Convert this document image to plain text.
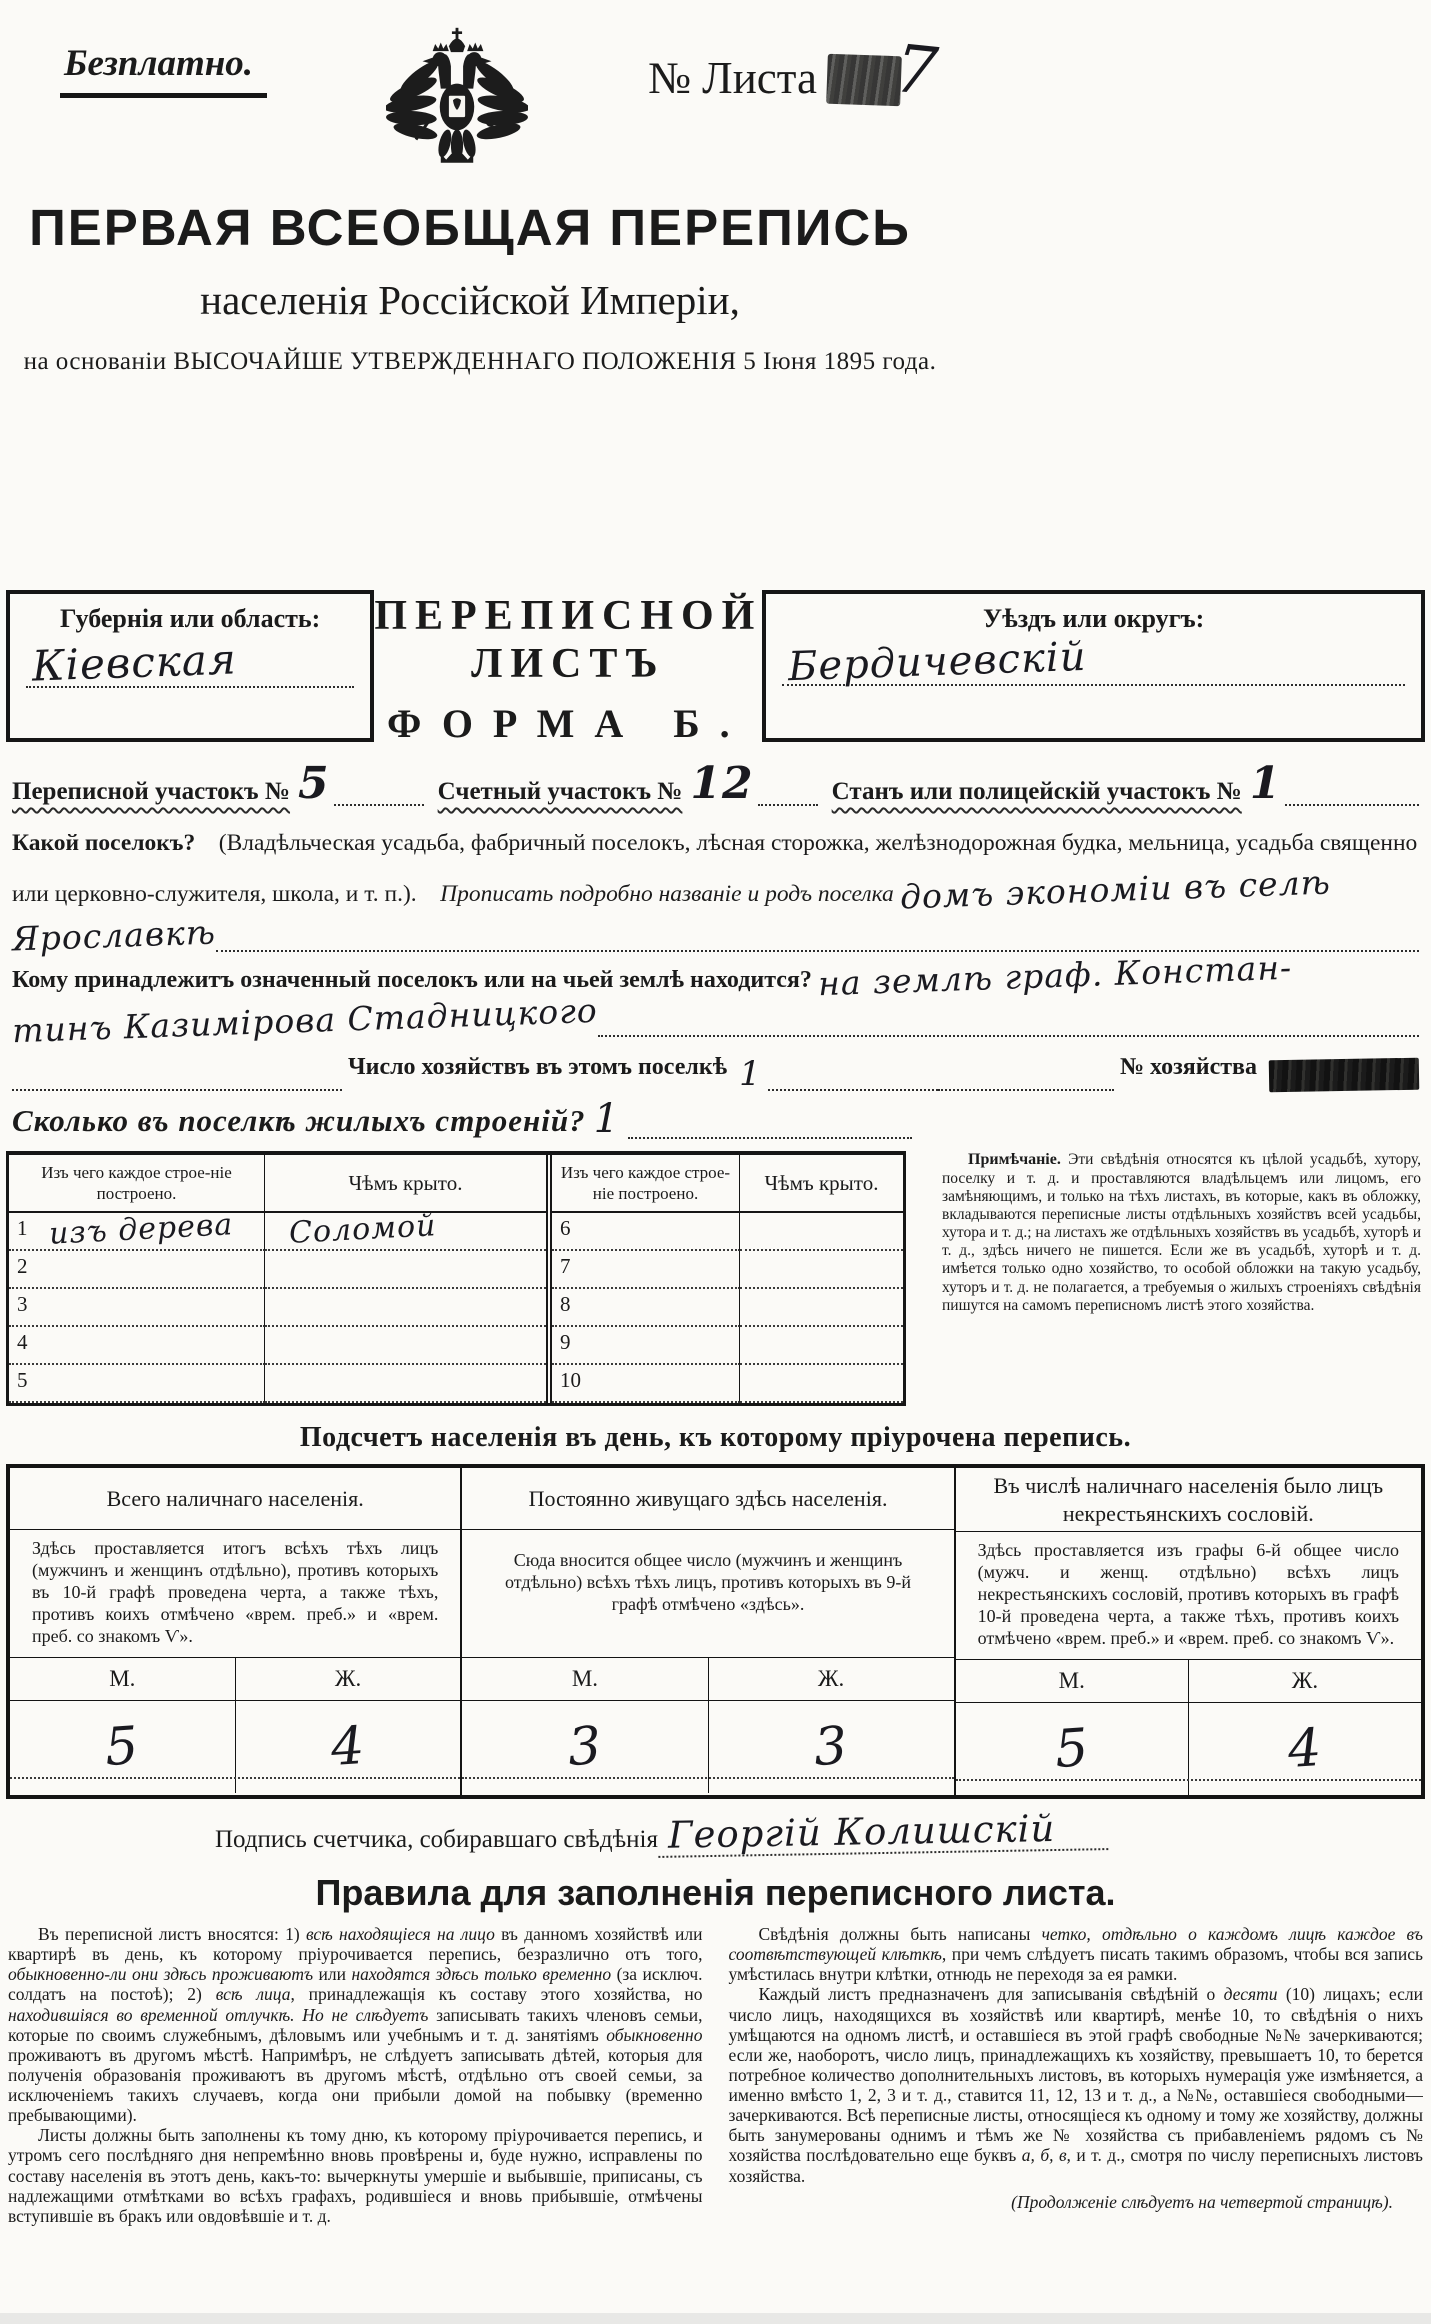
Безплатно.	№ Листа 7
ПЕРВАЯ ВСЕОБЩАЯ ПЕРЕПИСЬ
населенія Россійской Имперіи,
на основаніи ВЫСОЧАЙШЕ УТВЕРЖДЕННАГО ПОЛОЖЕНІЯ 5 Іюня 1895 года.
Губернія или область:
Кіевская
ПЕРЕПИСНОЙ ЛИСТЪ
ФОРМА Б.
Уѣздъ или округъ:
Бердичевскій
Переписной участокъ № 5	Счетный участокъ № 12	Станъ или полицейскій участокъ № 1
Какой поселокъ? (Владѣльческая усадьба, фабричный поселокъ, лѣсная сторожка, желѣзнодорожная будка, мельница, усадьба священно или церковно-служителя, школа, и т. п.). Прописать подробно названіе и родъ поселка домъ экономіи въ селѣ
Ярославкѣ
Кому принадлежитъ означенный поселокъ или на чьей землѣ находится? на землѣ граф. Констан-
тинъ Казимірова Стадницкого
Число хозяйствъ въ этомъ поселкѣ 1	№ хозяйства
Сколько въ поселкѣ жилыхъ строеній? 1
Изъ чего каждое строе-ніе построено.	Чѣмъ крыто.
1 изъ дерева Соломой
2
3
4
5
Изъ чего каждое строе-ніе построено.	Чѣмъ крыто.
6
7
8
9
10
Примѣчаніе. Эти свѣдѣнія относятся къ цѣлой усадьбѣ, хутору, поселку и т. д. и проставляются владѣльцемъ или лицомъ, его замѣняющимъ, и только на тѣхъ листахъ, въ которые, какъ въ обложку, вкладываются переписные листы отдѣльныхъ хозяйствъ всей усадьбы, хутора и т. д.; на листахъ же отдѣльныхъ хозяйствъ въ усадьбѣ, хуторѣ и т. д., здѣсь ничего не пишется. Если же въ усадьбѣ, хуторѣ и т. д. имѣется только одно хозяйство, то особой обложки на такую усадьбу, хуторъ и т. д. не полагается, а требуемыя о жилыхъ строеніяхъ свѣдѣнія пишутся на самомъ переписномъ листѣ этого хозяйства.
Подсчетъ населенія въ день, къ которому пріурочена перепись.
Всего наличнаго населенія.
Здѣсь проставляется итогъ всѣхъ тѣхъ лицъ (мужчинъ и женщинъ отдѣльно), противъ которыхъ въ 10-й графѣ проведена черта, а также тѣхъ, противъ коихъ отмѣчено «врем. преб.» и «врем. преб. со знакомъ Ѵ».
М.	Ж.
5	4
Постоянно живущаго здѣсь населенія.
Сюда вносится общее число (мужчинъ и женщинъ отдѣльно) всѣхъ тѣхъ лицъ, противъ которыхъ въ 9-й графѣ отмѣчено «здѣсь».
М.	Ж.
3	3
Въ числѣ наличнаго населенія было лицъ некрестьянскихъ сословій.
Здѣсь проставляется изъ графы 6-й общее число (мужч. и женщ. отдѣльно) всѣхъ лицъ некрестьянскихъ сословій, противъ которыхъ въ графѣ 10-й проведена черта, а также тѣхъ, противъ коихъ отмѣчено «врем. преб.» и «врем. преб. со знакомъ Ѵ».
М.	Ж.
5	4
Подпись счетчика, собиравшаго свѣдѣнія Георгій Колишскій
Правила для заполненія переписного листа.

Въ переписной листъ вносятся: 1) всѣ находящіеся на лицо въ данномъ хозяйствѣ или квартирѣ въ день, къ которому пріурочивается перепись, безразлично отъ того, обыкновенно-ли они здѣсь проживаютъ или находятся здѣсь только временно (за исключ. солдатъ на постоѣ); 2) всѣ лица, принадлежащія къ составу этого хозяйства, но находившіяся во временной отлучкѣ. Но не слѣдуетъ записывать такихъ членовъ семьи, которые по своимъ служебнымъ, дѣловымъ или учебнымъ и т. д. занятіямъ обыкновенно проживаютъ въ другомъ мѣстѣ. Напримѣръ, не слѣдуетъ записывать дѣтей, которыя для полученія образованія проживаютъ въ другомъ мѣстѣ, отдѣльно отъ своей семьи, за исключеніемъ такихъ случаевъ, когда они прибыли домой на побывку (временно пребывающими).

Листы должны быть заполнены къ тому дню, къ которому пріурочивается перепись, и утромъ сего послѣдняго дня непремѣнно вновь провѣрены и, буде нужно, исправлены по составу населенія въ этотъ день, какъ-то: вычеркнуты умершіе и выбывшіе, приписаны, съ надлежащими отмѣтками во всѣхъ графахъ, родившіеся и вновь прибывшіе, отмѣчены вступившіе въ бракъ или овдовѣвшіе и т. д.

Свѣдѣнія должны быть написаны четко, отдѣльно о каждомъ лицѣ каждое въ соотвѣтствующей клѣткѣ, при чемъ слѣдуетъ писать такимъ образомъ, чтобы вся запись умѣстилась внутри клѣтки, отнюдь не переходя за ея рамки.

Каждый листъ предназначенъ для записыванія свѣдѣній о десяти (10) лицахъ; если число лицъ, находящихся въ хозяйствѣ или квартирѣ, менѣе 10, то свѣдѣнія о нихъ умѣщаются на одномъ листѣ, и оставшіеся въ этой графѣ свободные №№ зачеркиваются; если же, наоборотъ, число лицъ, принадлежащихъ къ хозяйству, превышаетъ 10, то берется потребное количество дополнительныхъ листовъ, въ которыхъ нумерація уже измѣняется, а именно вмѣсто 1, 2, 3 и т. д., ставится 11, 12, 13 и т. д., а №№, оставшіеся свободными—зачеркиваются. Всѣ переписные листы, относящіеся къ одному и тому же хозяйству, должны быть занумерованы однимъ и тѣмъ же № хозяйства съ прибавленіемъ рядомъ съ № хозяйства послѣдовательно еще буквъ а, б, в, и т. д., смотря по числу переписныхъ листовъ хозяйства.

(Продолженіе слѣдуетъ на четвертой страницѣ).
